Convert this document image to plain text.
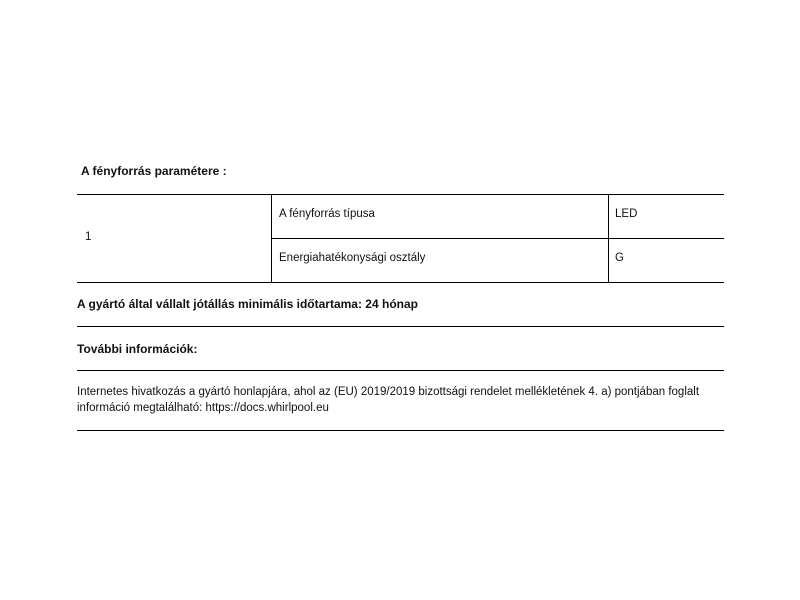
A fényforrás paramétere :
1
A fényforrás típusa	LED
Energiahatékonysági osztály	G
A gyártó által vállalt jótállás minimális időtartama: 24 hónap
További információk:
Internetes hivatkozás a gyártó honlapjára, ahol az (EU) 2019/2019 bizottsági rendelet mellékletének 4. a) pontjában foglalt információ megtalálható: https://docs.whirlpool.eu
